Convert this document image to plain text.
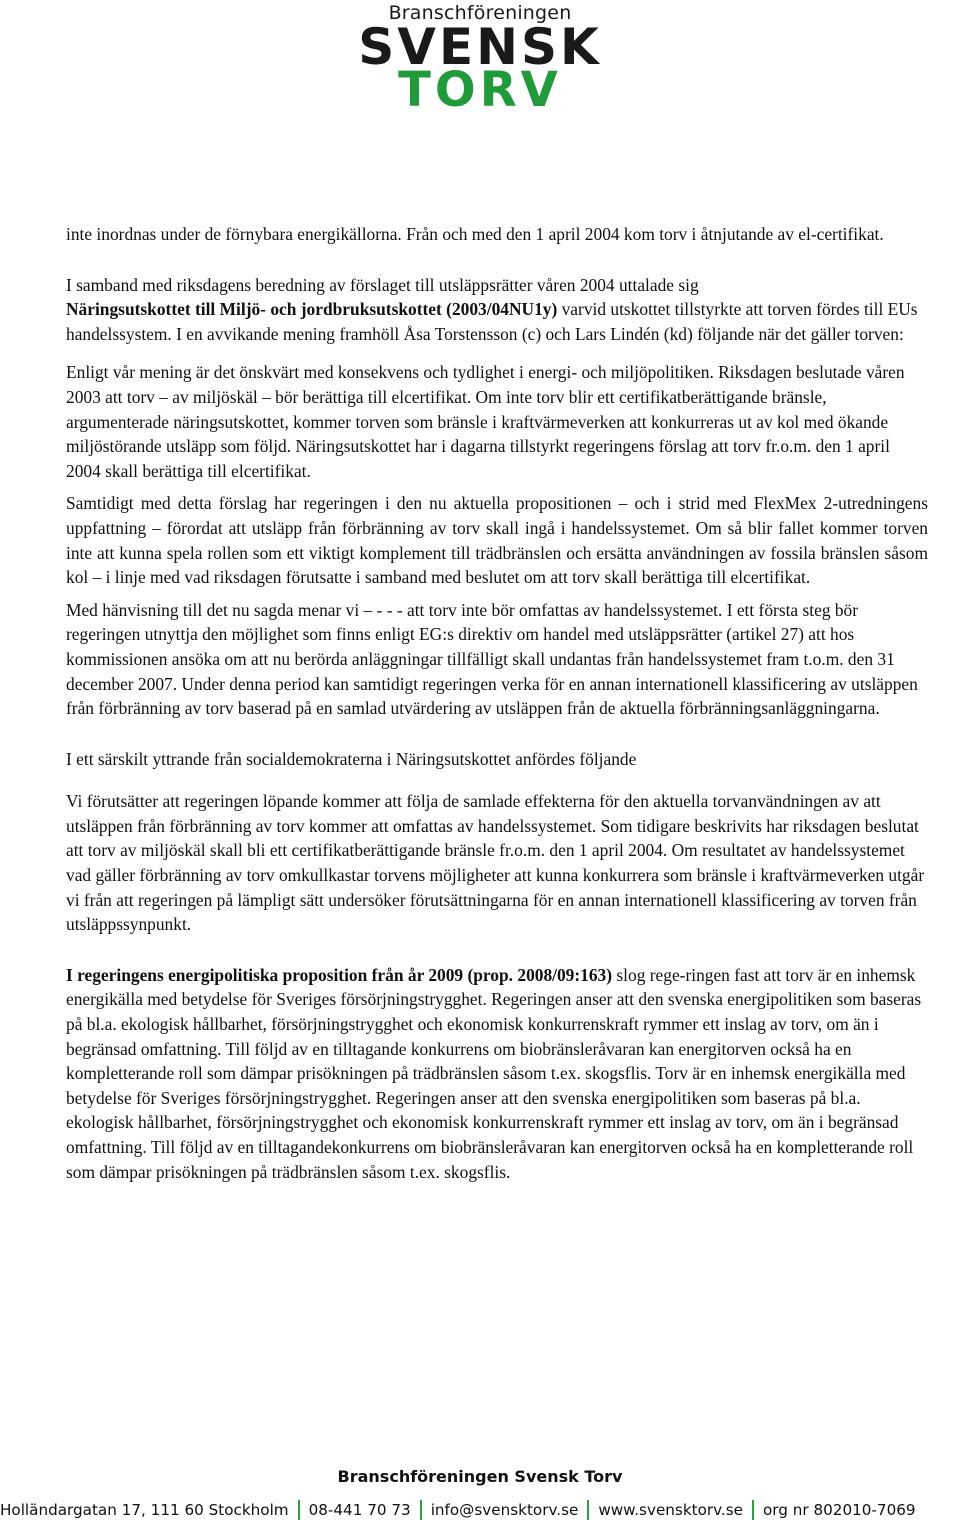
Branschföreningen
SVENSK
TORV

inte inordnas under de förnybara energikällorna. Från och med den 1 april 2004 kom torv i åtnjutande av el-certifikat.

I samband med riksdagens beredning av förslaget till utsläppsrätter våren 2004 uttalade sig
Näringsutskottet till Miljö- och jordbruksutskottet (2003/04NU1y) varvid utskottet tillstyrkte att torven fördes till EUs handelssystem. I en avvikande mening framhöll Åsa Torstensson (c) och Lars Lindén (kd) följande när det gäller torven:

Enligt vår mening är det önskvärt med konsekvens och tydlighet i energi- och miljöpolitiken. Riksdagen beslutade våren 2003 att torv – av miljöskäl – bör berättiga till elcertifikat. Om inte torv blir ett certifikatberättigande bränsle, argumenterade näringsutskottet, kommer torven som bränsle i kraftvärmeverken att konkurreras ut av kol med ökande miljöstörande utsläpp som följd. Näringsutskottet har i dagarna tillstyrkt regeringens förslag att torv fr.o.m. den 1 april 2004 skall berättiga till elcertifikat.

Samtidigt med detta förslag har regeringen i den nu aktuella propositionen – och i strid med FlexMex 2-utredningens uppfattning – förordat att utsläpp från förbränning av torv skall ingå i handelssystemet. Om så blir fallet kommer torven inte att kunna spela rollen som ett viktigt komplement till trädbränslen och ersätta användningen av fossila bränslen såsom kol – i linje med vad riksdagen förutsatte i samband med beslutet om att torv skall berättiga till elcertifikat.

Med hänvisning till det nu sagda menar vi – - - - att torv inte bör omfattas av handelssystemet. I ett första steg bör regeringen utnyttja den möjlighet som finns enligt EG:s direktiv om handel med utsläppsrätter (artikel 27) att hos kommissionen ansöka om att nu berörda anläggningar tillfälligt skall undantas från handelssystemet fram t.o.m. den 31 december 2007. Under denna period kan samtidigt regeringen verka för en annan internationell klassificering av utsläppen från förbränning av torv baserad på en samlad utvärdering av utsläppen från de aktuella förbränningsanläggningarna.

I ett särskilt yttrande från socialdemokraterna i Näringsutskottet anfördes följande

Vi förutsätter att regeringen löpande kommer att följa de samlade effekterna för den aktuella torvanvändningen av att utsläppen från förbränning av torv kommer att omfattas av handelssystemet. Som tidigare beskrivits har riksdagen beslutat att torv av miljöskäl skall bli ett certifikatberättigande bränsle fr.o.m. den 1 april 2004. Om resultatet av handelssystemet vad gäller förbränning av torv omkullkastar torvens möjligheter att kunna konkurrera som bränsle i kraftvärmeverken utgår vi från att regeringen på lämpligt sätt undersöker förutsättningarna för en annan internationell klassificering av torven från utsläppssynpunkt.

I regeringens energipolitiska proposition från år 2009 (prop. 2008/09:163) slog rege-ringen fast att torv är en inhemsk energikälla med betydelse för Sveriges försörjningstrygghet. Regeringen anser att den svenska energipolitiken som baseras på bl.a. ekologisk hållbarhet, försörjningstrygghet och ekonomisk konkurrenskraft rymmer ett inslag av torv, om än i begränsad omfattning. Till följd av en tilltagande konkurrens om biobränsleråvaran kan energitorven också ha en kompletterande roll som dämpar prisökningen på trädbränslen såsom t.ex. skogsflis. Torv är en inhemsk energikälla med betydelse för Sveriges försörjningstrygghet. Regeringen anser att den svenska energipolitiken som baseras på bl.a. ekologisk hållbarhet, försörjningstrygghet och ekonomisk konkurrenskraft rymmer ett inslag av torv, om än i begränsad omfattning. Till följd av en tilltagandekonkurrens om biobränsleråvaran kan energitorven också ha en kompletterande roll som dämpar prisökningen på trädbränslen såsom t.ex. skogsflis.

Branschföreningen Svensk Torv
Holländargatan 17, 111 60 Stockholm 08-441 70 73 info@svensktorv.se www.svensktorv.se org nr 802010-7069
